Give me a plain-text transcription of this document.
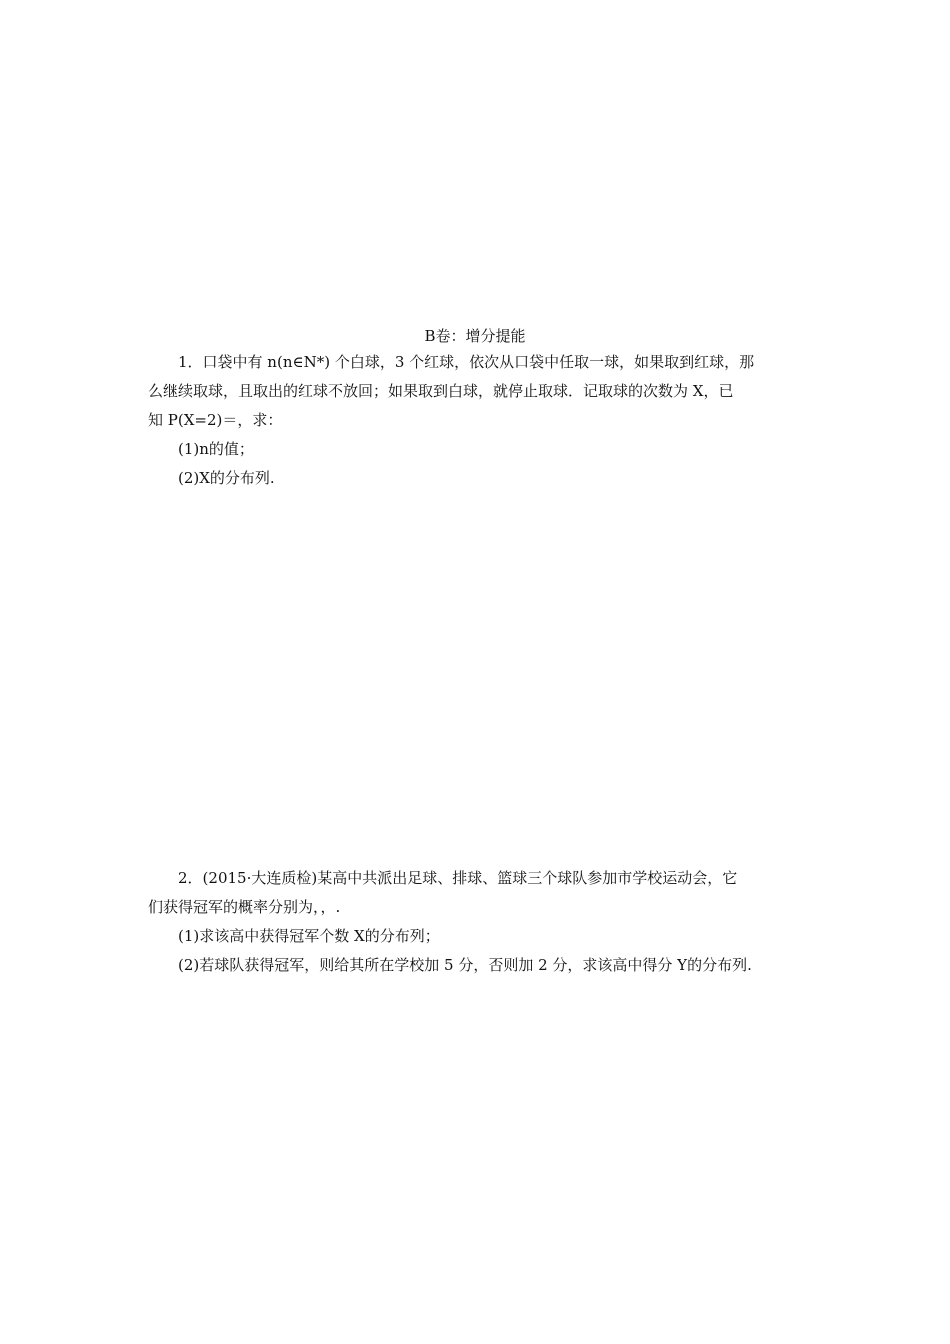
B卷：增分提能

1．口袋中有 n(n∈N*) 个白球，3 个红球，依次从口袋中任取一球，如果取到红球，那

么继续取球，且取出的红球不放回；如果取到白球，就停止取球．记取球的次数为 X，已

知 P(X=2)＝，求：

(1)n的值；

(2)X的分布列.

2．(2015·大连质检)某高中共派出足球、排球、篮球三个球队参加市学校运动会，它

们获得冠军的概率分别为，，.

(1)求该高中获得冠军个数 X的分布列；

(2)若球队获得冠军，则给其所在学校加 5 分，否则加 2 分，求该高中得分 Y的分布列.
